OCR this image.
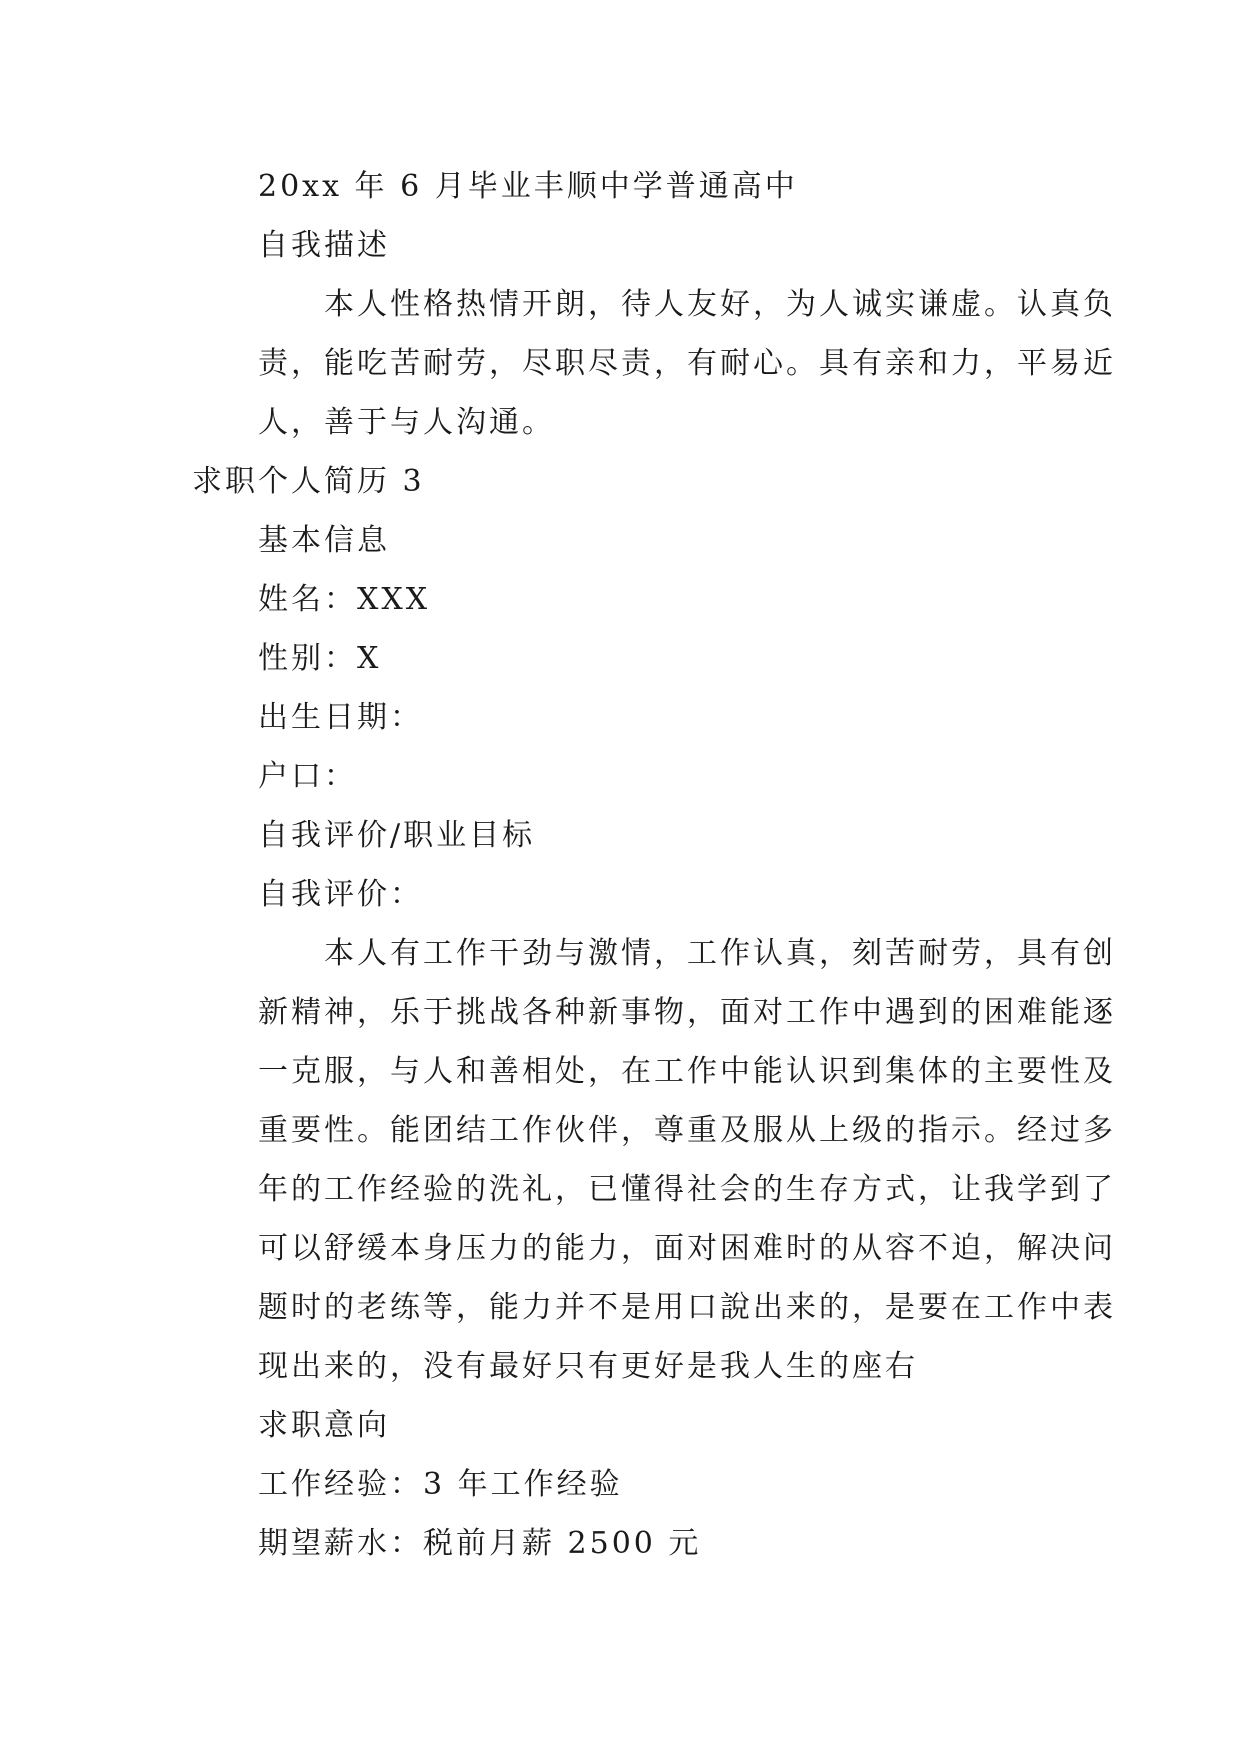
20xx 年 6 月毕业丰顺中学普通高中
自我描述
本人性格热情开朗，待人友好，为人诚实谦虚。认真负
责，能吃苦耐劳，尽职尽责，有耐心。具有亲和力，平易近
人，善于与人沟通。
求职个人简历 3
基本信息
姓名：XXX
性别：X
出生日期：
户口：
自我评价/职业目标
自我评价：
本人有工作干劲与激情，工作认真，刻苦耐劳，具有创
新精神，乐于挑战各种新事物，面对工作中遇到的困难能逐
一克服，与人和善相处，在工作中能认识到集体的主要性及
重要性。能团结工作伙伴，尊重及服从上级的指示。经过多
年的工作经验的洗礼，已懂得社会的生存方式，让我学到了
可以舒缓本身压力的能力，面对困难时的从容不迫，解决问
题时的老练等，能力并不是用口說出来的，是要在工作中表
现出来的，没有最好只有更好是我人生的座右
求职意向
工作经验：3 年工作经验
期望薪水：税前月薪 2500 元
